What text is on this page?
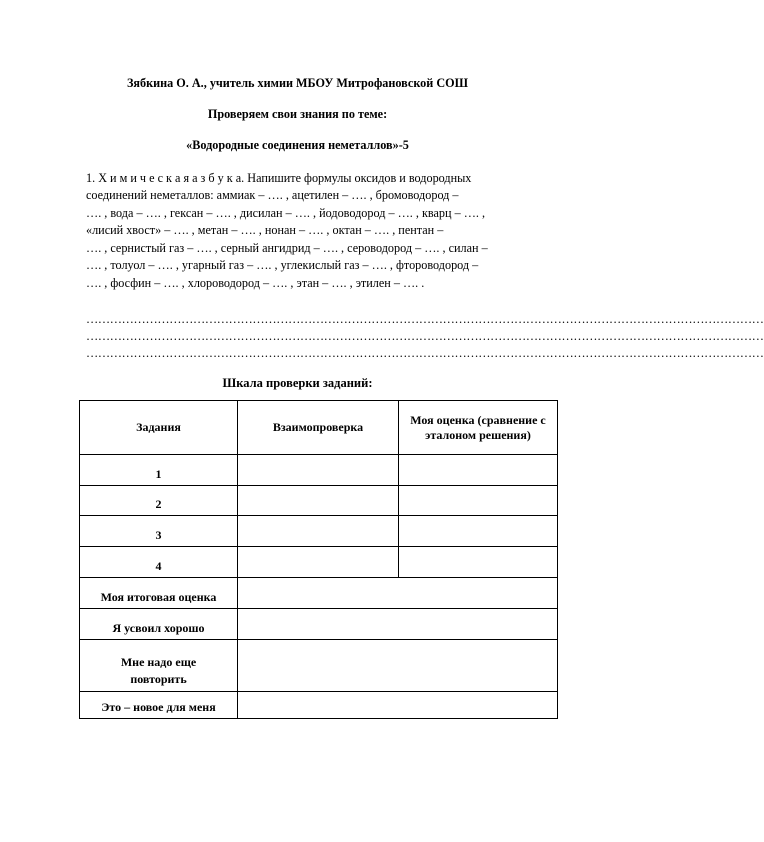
Зябкина О. А., учитель химии МБОУ Митрофановской СОШ
Проверяем свои знания по теме:
«Водородные соединения неметаллов»-5
1. Х и м и ч е с к а я а з б у к а. Напишите формулы оксидов и водородных
соединений неметаллов: аммиак – …. , ацетилен – …. , бромоводород –
…. , вода – …. , гексан – …. , дисилан – …. , йодоводород – …. , кварц – …. ,
«лисий хвост» – …. , метан – …. , нонан – …. , октан – …. , пентан –
…. , сернистый газ – …. , серный ангидрид – …. , сероводород – …. , силан –
…. , толуол – …. , угарный газ – …. , углекислый газ – …. , фтороводород –
…. , фосфин – …. , хлороводород – …. , этан – …. , этилен – …. .
………………………………………………………………………………………………………………………………………………………
………………………………………………………………………………………………………………………………………………………
………………………………………………………………………………………………………………………………………………………
Шкала проверки заданий:
Задания	Взаимопроверка	Моя оценка (сравнение с эталоном решения)
1		
2		
3		
4		
Моя итоговая оценка		
Я усвоил хорошо		
Мне надо еще повторить		
Это – новое для меня		
